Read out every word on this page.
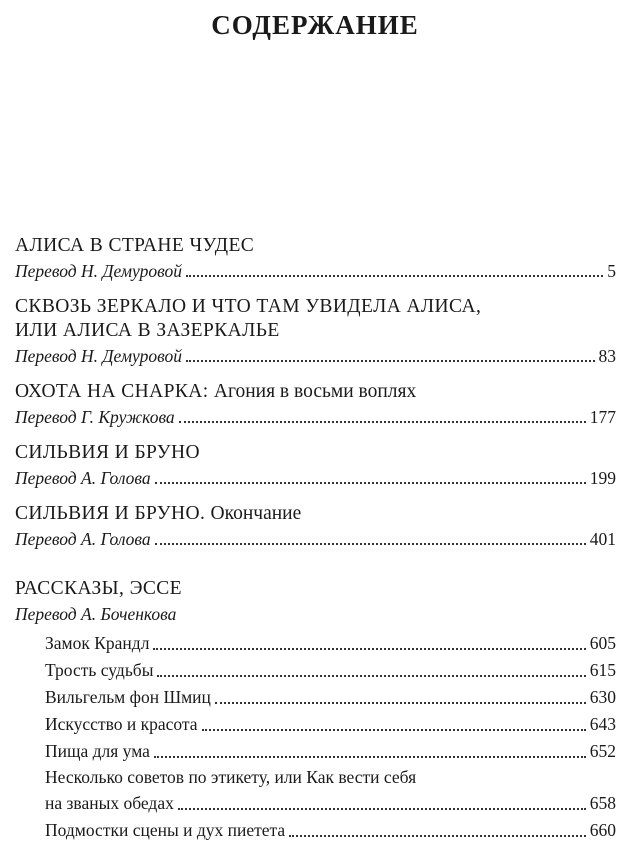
СОДЕРЖАНИЕ
АЛИСА В СТРАНЕ ЧУДЕС
Перевод Н. Демуровой	5
СКВОЗЬ ЗЕРКАЛО И ЧТО ТАМ УВИДЕЛА АЛИСА,
ИЛИ АЛИСА В ЗАЗЕРКАЛЬЕ
Перевод Н. Демуровой	83
ОХОТА НА СНАРКА: Агония в восьми воплях
Перевод Г. Кружкова	177
СИЛЬВИЯ И БРУНО
Перевод А. Голова	199
СИЛЬВИЯ И БРУНО. Окончание
Перевод А. Голова	401
РАССКАЗЫ, ЭССЕ
Перевод А. Боченкова
Замок Крандл	605
Трость судьбы	615
Вильгельм фон Шмиц	630
Искусство и красота	643
Пища для ума	652
Несколько советов по этикету, или Как вести себя
на званых обедах	658
Подмостки сцены и дух пиетета	660
